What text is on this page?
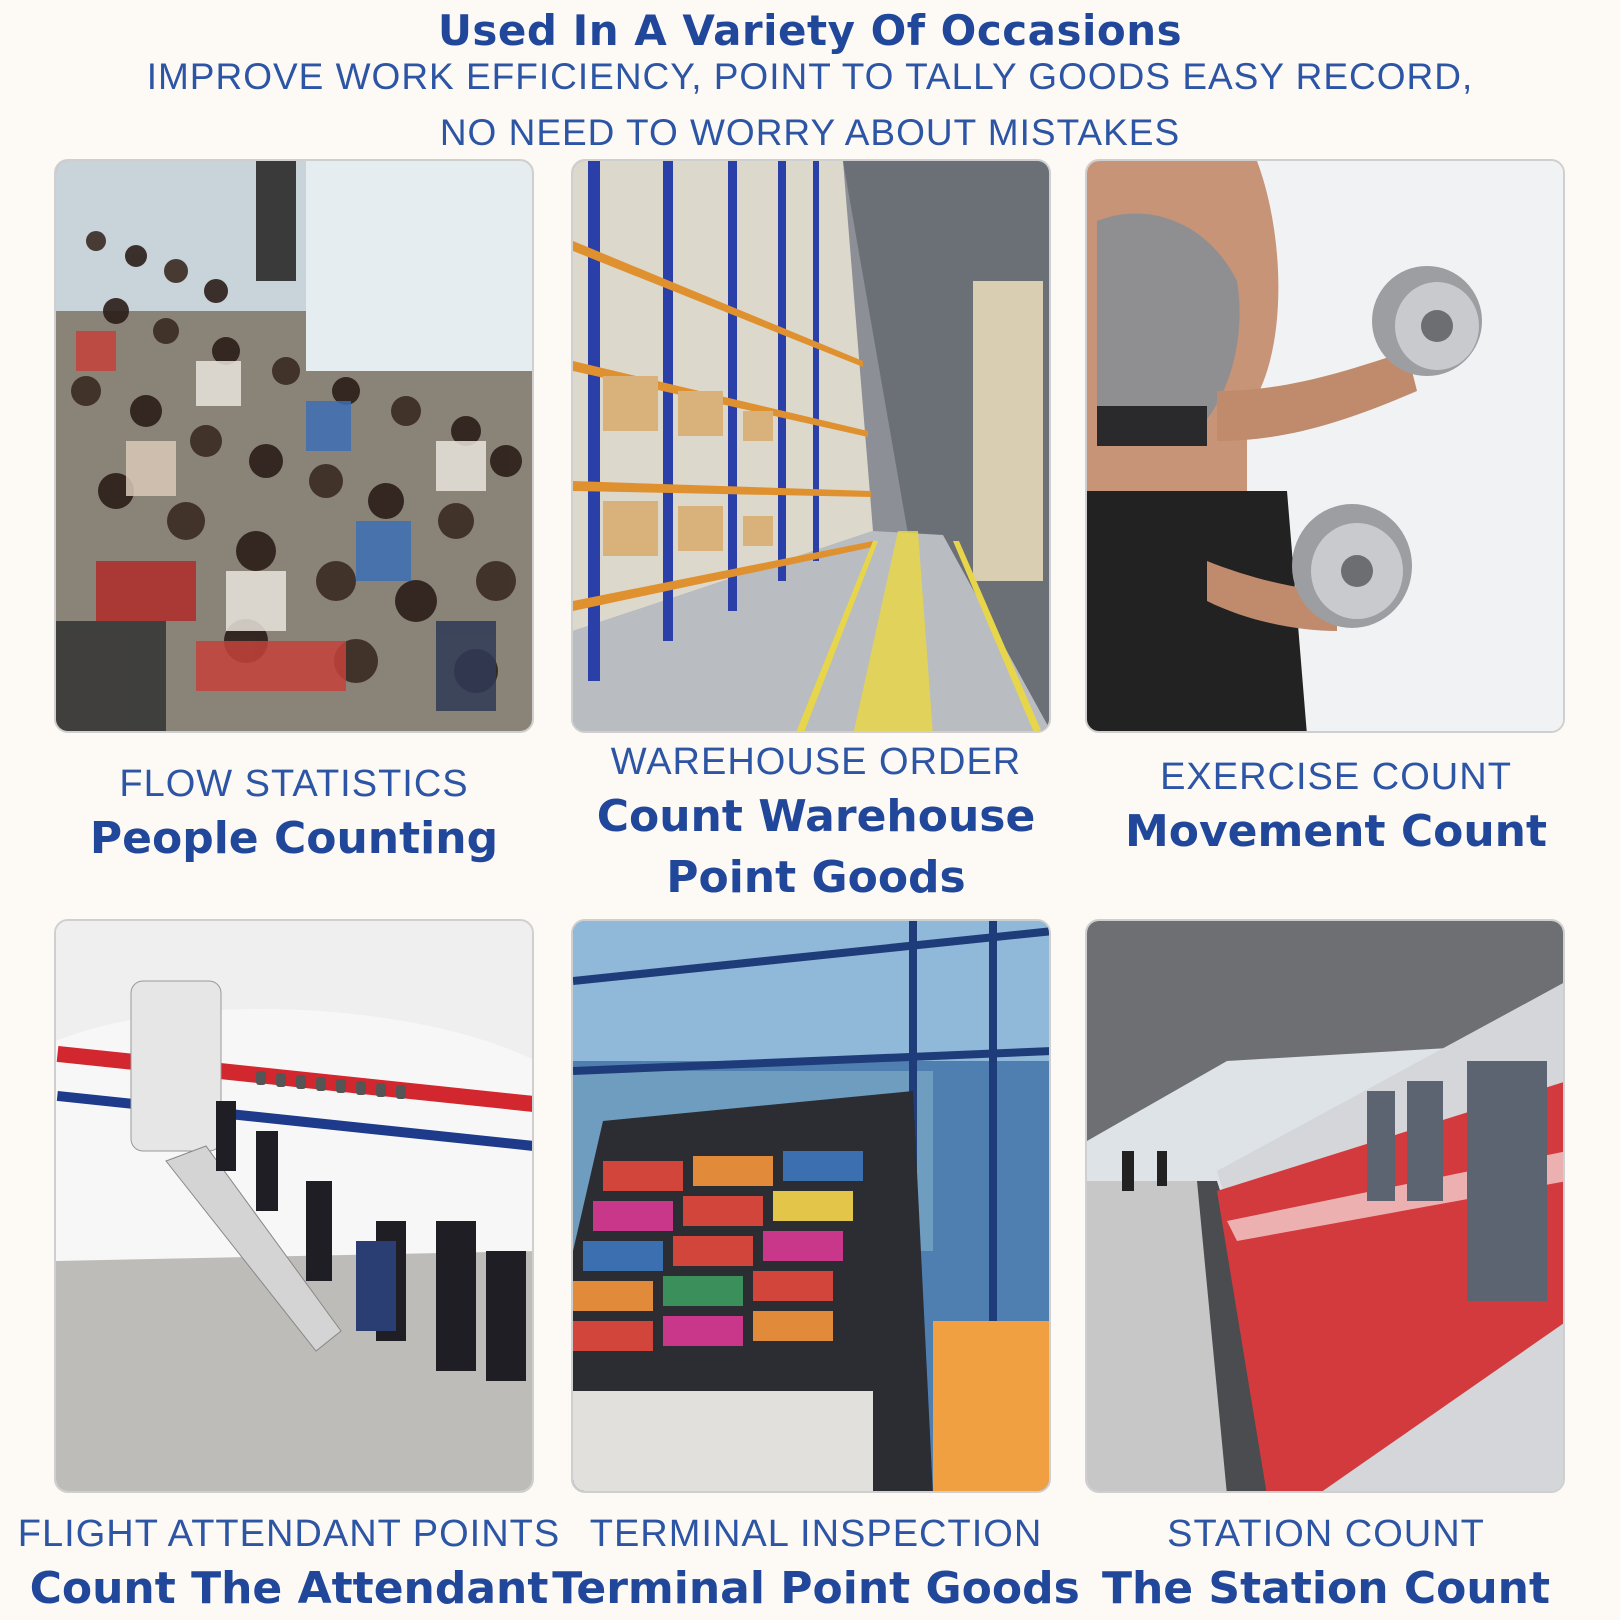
Used In A Variety Of Occasions
IMPROVE WORK EFFICIENCY, POINT TO TALLY GOODS EASY RECORD,
NO NEED TO WORRY ABOUT MISTAKES
FLOW STATISTICS
People Counting
WAREHOUSE ORDER
Count Warehouse
Point Goods
EXERCISE COUNT
Movement Count
FLIGHT ATTENDANT POINTS
Count The Attendant
TERMINAL INSPECTION
Terminal Point Goods
STATION COUNT
The Station Count
